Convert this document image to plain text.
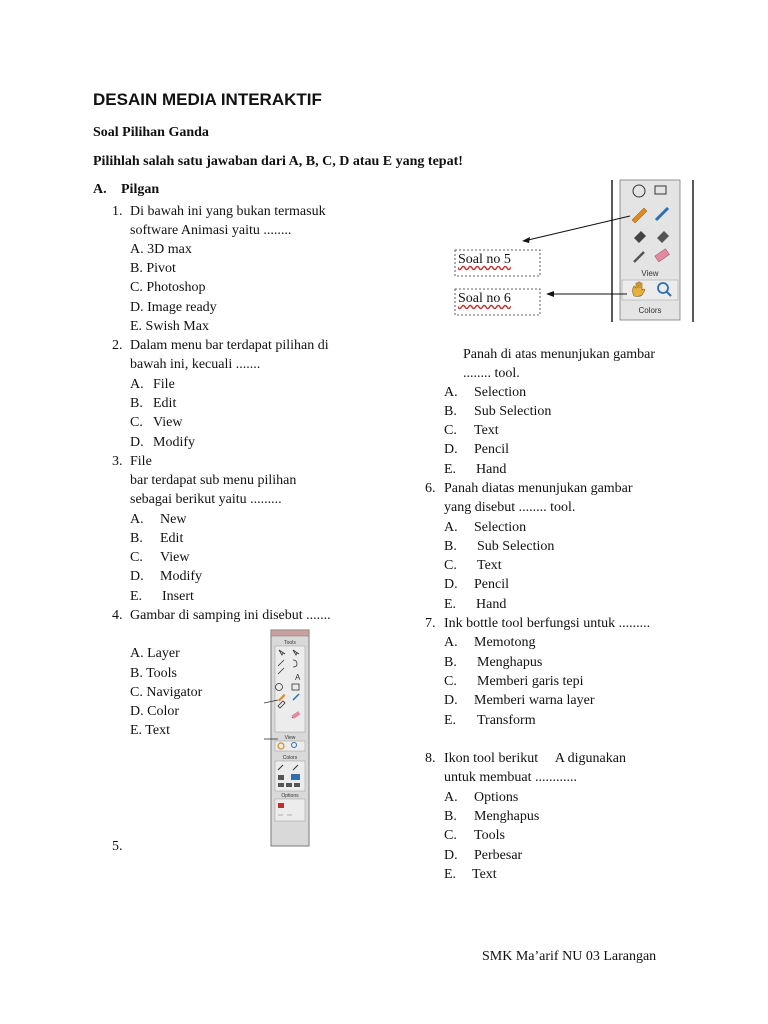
DESAIN MEDIA INTERAKTIF
Soal Pilihan Ganda
Pilihlah salah satu jawaban dari A, B, C, D atau E yang tepat!
A. Pilgan
1. Di bawah ini yang bukan termasuk
software Animasi yaitu ........
A. 3D max
B. Pivot
C. Photoshop
D. Image ready
E. Swish Max
2. Dalam menu bar terdapat pilihan di
bawah ini, kecuali .......
A. File
B. Edit
C. View
D. Modify
3. File
bar terdapat sub menu pilihan
sebagai berikut yaitu .........
A. New
B. Edit
C. View
D. Modify
E. Insert
4. Gambar di samping ini disebut .......
A. Layer
B. Tools
C. Navigator
D. Color
E. Text
5.
Tools
A
View
Colors
Options
View
Colors
Soal no 5
Soal no 6
Panah di atas menunjukan gambar
........ tool.
A. Selection
B. Sub Selection
C. Text
D. Pencil
E. Hand
6. Panah diatas menunjukan gambar
yang disebut ........ tool.
A. Selection
B. Sub Selection
C. Text
D. Pencil
E. Hand
7. Ink bottle tool berfungsi untuk .........
A. Memotong
B. Menghapus
C. Memberi garis tepi
D. Memberi warna layer
E. Transform
8. Ikon tool berikut     A digunakan
untuk membuat ............
A. Options
B. Menghapus
C. Tools
D. Perbesar
E. Text
SMK Ma’arif NU 03 Larangan
